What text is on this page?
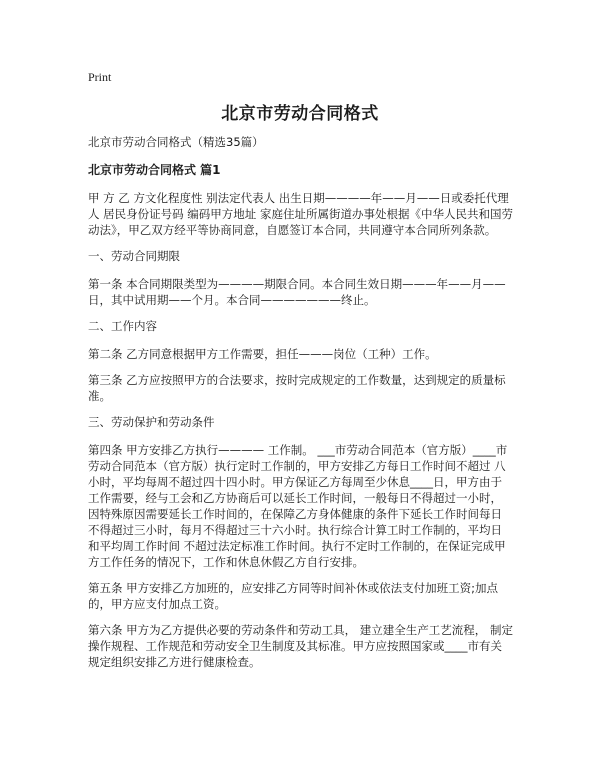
Print
北京市劳动合同格式
北京市劳动合同格式（精选35篇）
北京市劳动合同格式 篇1
甲 方 乙 方文化程度性 别法定代表人 出生日期————年——月——日或委托代理人 居民身份证号码 编码甲方地址 家庭住址所属街道办事处根据《中华人民共和国劳动法》，甲乙双方经平等协商同意，自愿签订本合同，共同遵守本合同所列条款。
一、劳动合同期限
第一条 本合同期限类型为————期限合同。本合同生效日期———年——月——日，其中试用期——个月。本合同———————终止。
二、工作内容
第二条 乙方同意根据甲方工作需要，担任———岗位（工种）工作。
第三条 乙方应按照甲方的合法要求，按时完成规定的工作数量，达到规定的质量标准。
三、劳动保护和劳动条件
第四条 甲方安排乙方执行———— 工作制。 ___市劳动合同范本（官方版）____市劳动合同范本（官方版）执行定时工作制的，甲方安排乙方每日工作时间不超过 八小时，平均每周不超过四十四小时。甲方保证乙方每周至少休息____日，甲方由于工作需要，经与工会和乙方协商后可以延长工作时间，一般每日不得超过一小时，因特殊原因需要延长工作时间的，在保障乙方身体健康的条件下延长工作时间每日不得超过三小时，每月不得超过三十六小时。执行综合计算工时工作制的，平均日和平均周工作时间 不超过法定标准工作时间。执行不定时工作制的，在保证完成甲方工作任务的情况下，工作和休息休假乙方自行安排。
第五条 甲方安排乙方加班的，应安排乙方同等时间补休或依法支付加班工资;加点的，甲方应支付加点工资。
第六条 甲方为乙方提供必要的劳动条件和劳动工具， 建立建全生产工艺流程， 制定操作规程、工作规范和劳动安全卫生制度及其标准。甲方应按照国家或____市有关规定组织安排乙方进行健康检查。
